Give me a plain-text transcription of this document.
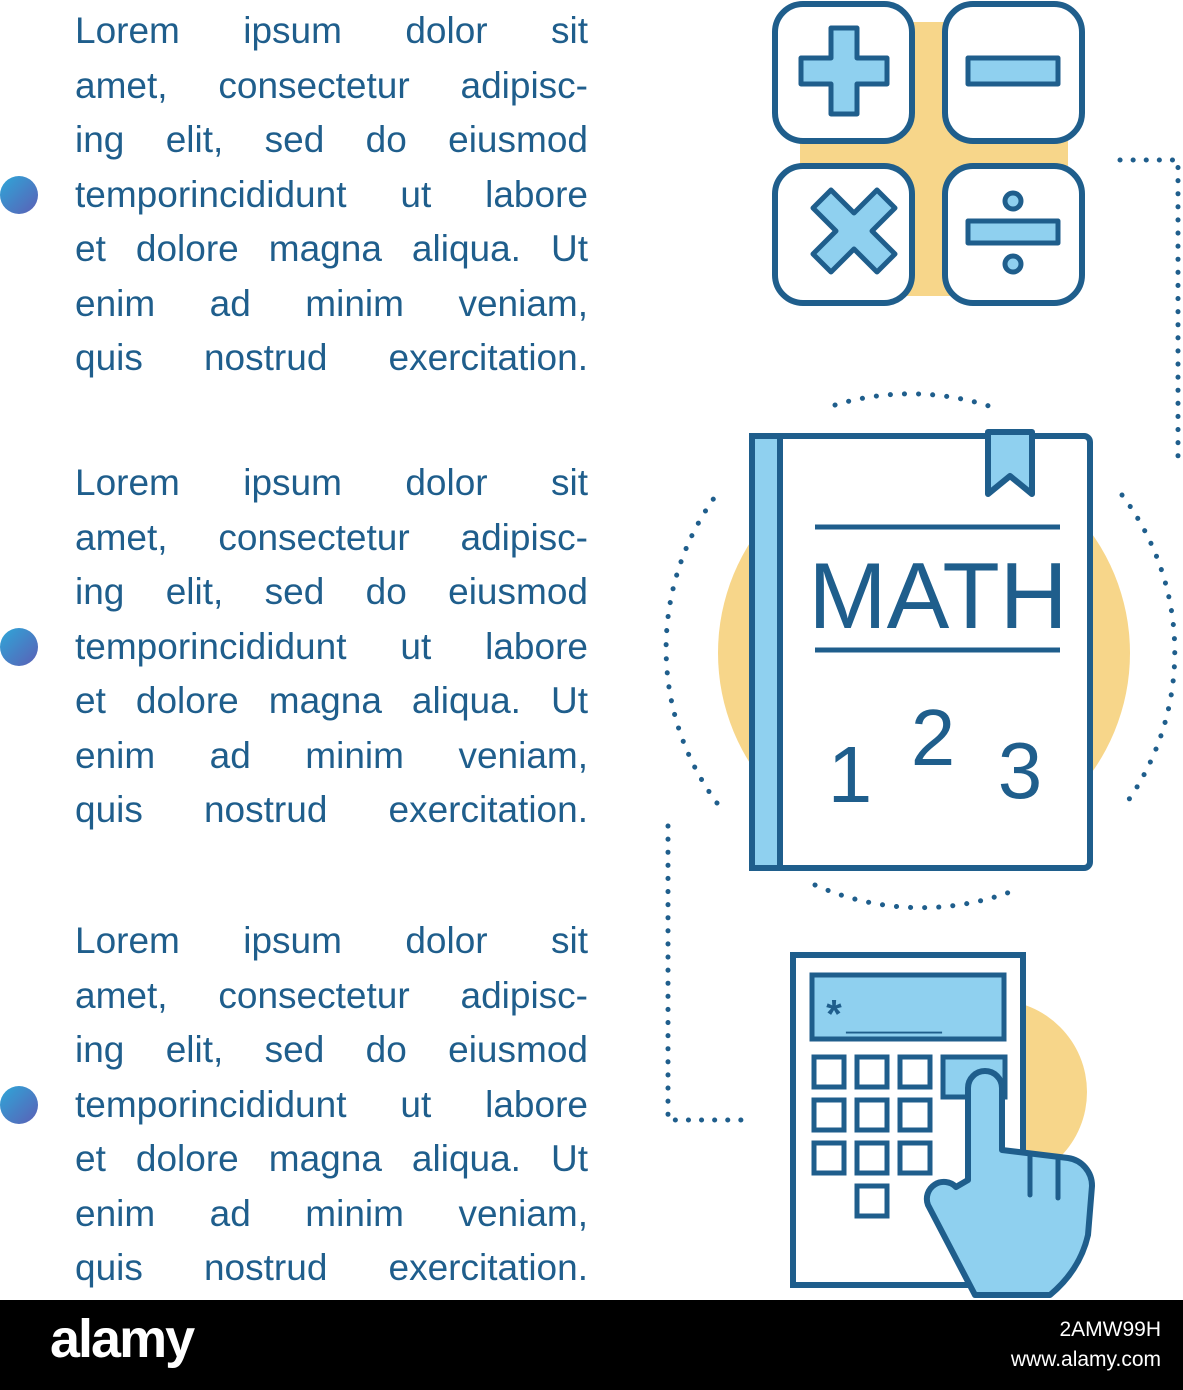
Lorem ipsum dolor sit
amet, consectetur adipisc-
ing elit, sed do eiusmod
temporincididunt ut labore
et dolore magna aliqua. Ut
enim ad minim veniam,
quis nostrud exercitation.
Lorem ipsum dolor sit
amet, consectetur adipisc-
ing elit, sed do eiusmod
temporincididunt ut labore
et dolore magna aliqua. Ut
enim ad minim veniam,
quis nostrud exercitation.
Lorem ipsum dolor sit
amet, consectetur adipisc-
ing elit, sed do eiusmod
temporincididunt ut labore
et dolore magna aliqua. Ut
enim ad minim veniam,
quis nostrud exercitation.
MATH
1 2 3
*____
alamy	2AMW99H
www.alamy.com
